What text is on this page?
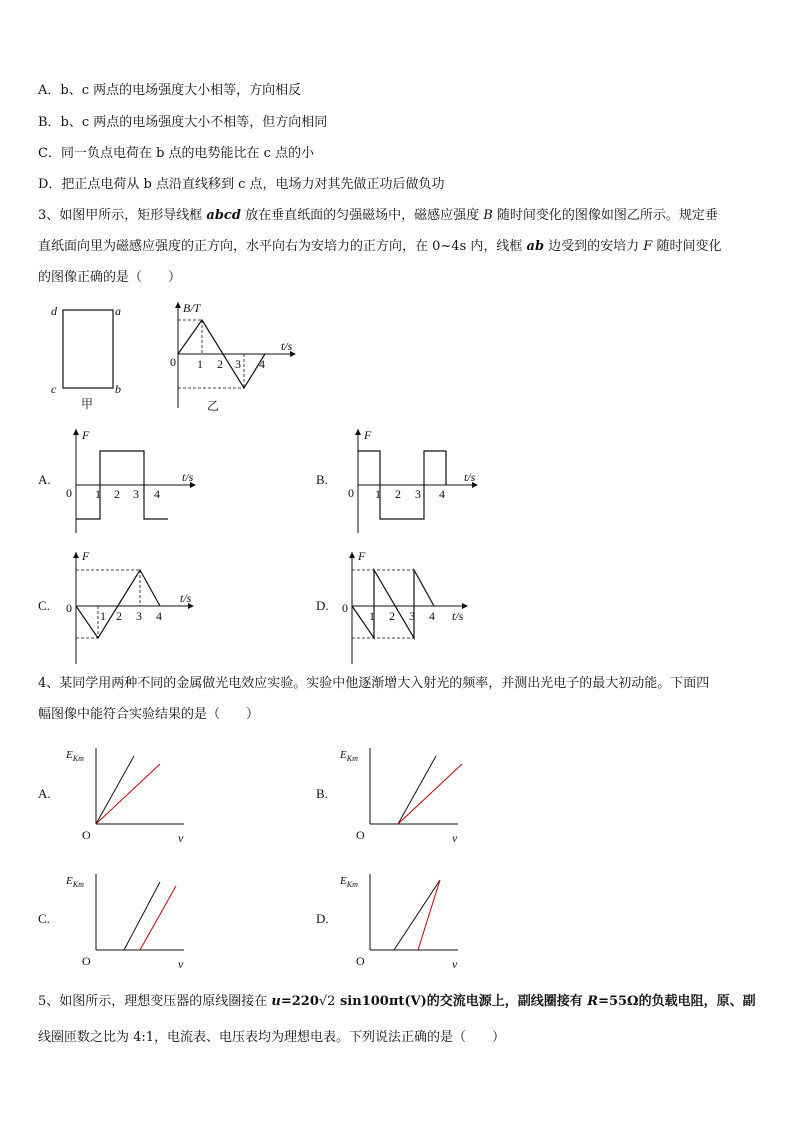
A．b、c 两点的电场强度大小相等，方向相反
B．b、c 两点的电场强度大小不相等，但方向相同
C．同一负点电荷在 b 点的电势能比在 c 点的小
D．把正点电荷从 b 点沿直线移到 c 点，电场力对其先做正功后做负功
3、如图甲所示，矩形导线框 abcd 放在垂直纸面的匀强磁场中，磁感应强度 B 随时间变化的图像如图乙所示。规定垂
直纸面向里为磁感应强度的正方向，水平向右为安培力的正方向，在 0~4s 内，线框 ab 边受到的安培力 F 随时间变化
的图像正确的是（　　）
d	a
c	b
甲
B/T
t/s
0 1 2 3 4
乙
A.
F
t/s
0 1 2 3 4
B.
F
t/s
0 1 2 3 4
C.
F
t/s
0
1 2 3 4
D.
F
t/s
0
1 2 3 4
4、某同学用两种不同的金属做光电效应实验。实验中他逐渐增大入射光的频率，并测出光电子的最大初动能。下面四
幅图像中能符合实验结果的是（　　）
A.
$E_{Km}$
O	ν
B.
$E_{Km}$
O	ν
C.
$E_{Km}$
O	ν
D.
$E_{Km}$
O	ν
5、如图所示，理想变压器的原线圈接在 u=220√2 sin100πt(V)的交流电源上，副线圈接有 R=55Ω的负载电阻，原、副
线圈匝数之比为 4:1，电流表、电压表均为理想电表。下列说法正确的是（　　）
